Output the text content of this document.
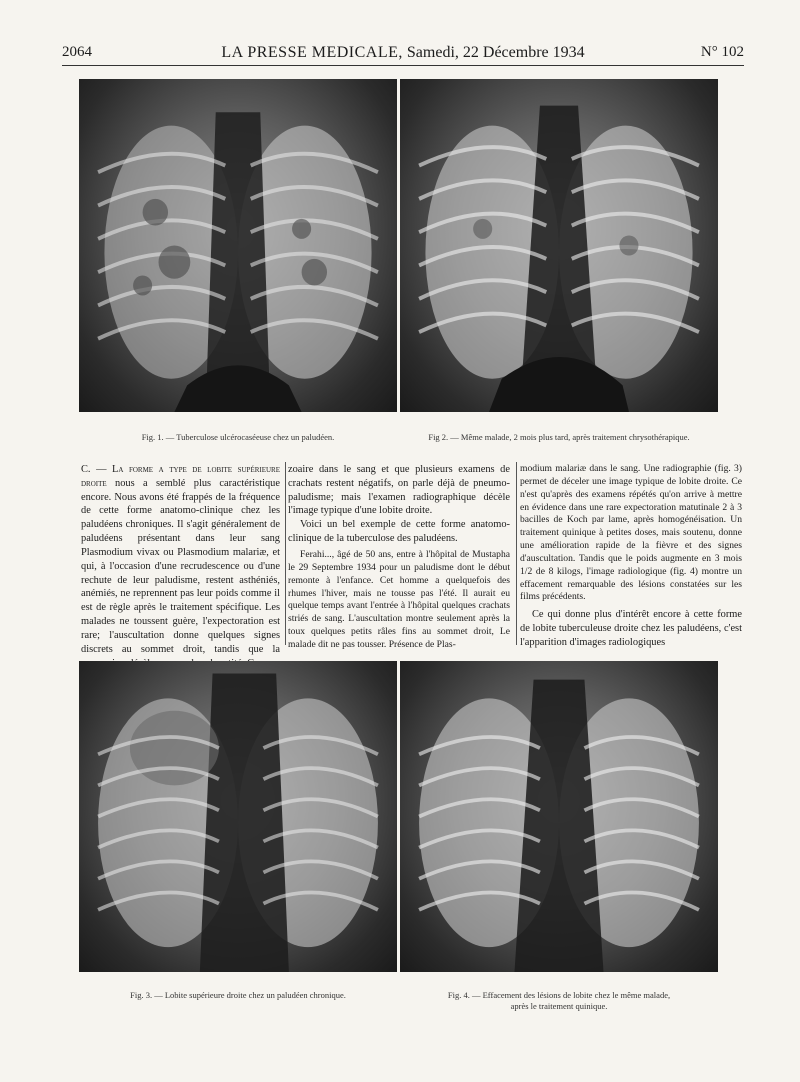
2064	LA PRESSE MEDICALE, Samedi, 22 Décembre 1934	N° 102
Fig. 1. — Tuberculose ulcérocaséeuse chez un paludéen.	Fig 2. — Même malade, 2 mois plus tard, après traitement chrysothérapique.

C. — La forme a type de lobite supérieure droite nous a semblé plus caractéristique encore. Nous avons été frappés de la fréquence de cette forme anatomo-clinique chez les paludéens chroniques. Il s'agit généralement de paludéens présentant dans leur sang Plasmodium vivax ou Plasmodium malariæ, et qui, à l'occasion d'une recrudescence ou d'une rechute de leur paludisme, restent asthéniés, anémiés, ne reprennent pas leur poids comme il est de règle après le traitement spécifique. Les malades ne toussent guère, l'expectoration est rare; l'auscultation donne quelques signes discrets au sommet droit, tandis que la

zoaire dans le sang et que plusieurs examens de crachats restent négatifs, on parle déjà de pneumo-paludisme; mais l'examen radiographique décèle l'image typique d'une lobite droite.

Voici un bel exemple de cette forme anatomo-clinique de la tuberculose des paludéens.

Ferahi..., âgé de 50 ans, entre à l'hôpital de Mustapha le 29 Septembre 1934 pour un paludisme dont le début remonte à l'enfance. Cet homme a quelquefois des rhumes l'hiver, mais ne tousse pas l'été. Il aurait eu quelque temps avant l'entrée à l'hôpital quelques crachats striés de sang. L'auscultation montre seulement après la toux quelques petits râles fins au sommet droit, Le malade dit ne pas tousser. Présence de Plas-

modium malariæ dans le sang. Une radiographie (fig. 3) permet de déceler une image typique de lobite droite. Ce n'est qu'après des examens répétés qu'on arrive à mettre en évidence dans une rare expectoration matutinale 2 à 3 bacilles de Koch par lame, après homogénéisation. Un traitement quinique à petites doses, mais soutenu, donne une amélioration rapide de la fièvre et des signes d'auscultation. Tandis que le poids augmente en 3 mois 1/2 de 8 kilogs, l'image radiologique (fig. 4) montre un effacement remarquable des lésions constatées sur les films précédents.

Ce qui donne plus d'intérêt encore à cette forme de lobite tuberculeuse droite chez les paludéens, c'est l'apparition d'images radiologiques

Fig. 3. — Lobite supérieure droite chez un paludéen chronique.	Fig. 4. — Effacement des lésions de lobite chez le même malade,
après le traitement quinique.
